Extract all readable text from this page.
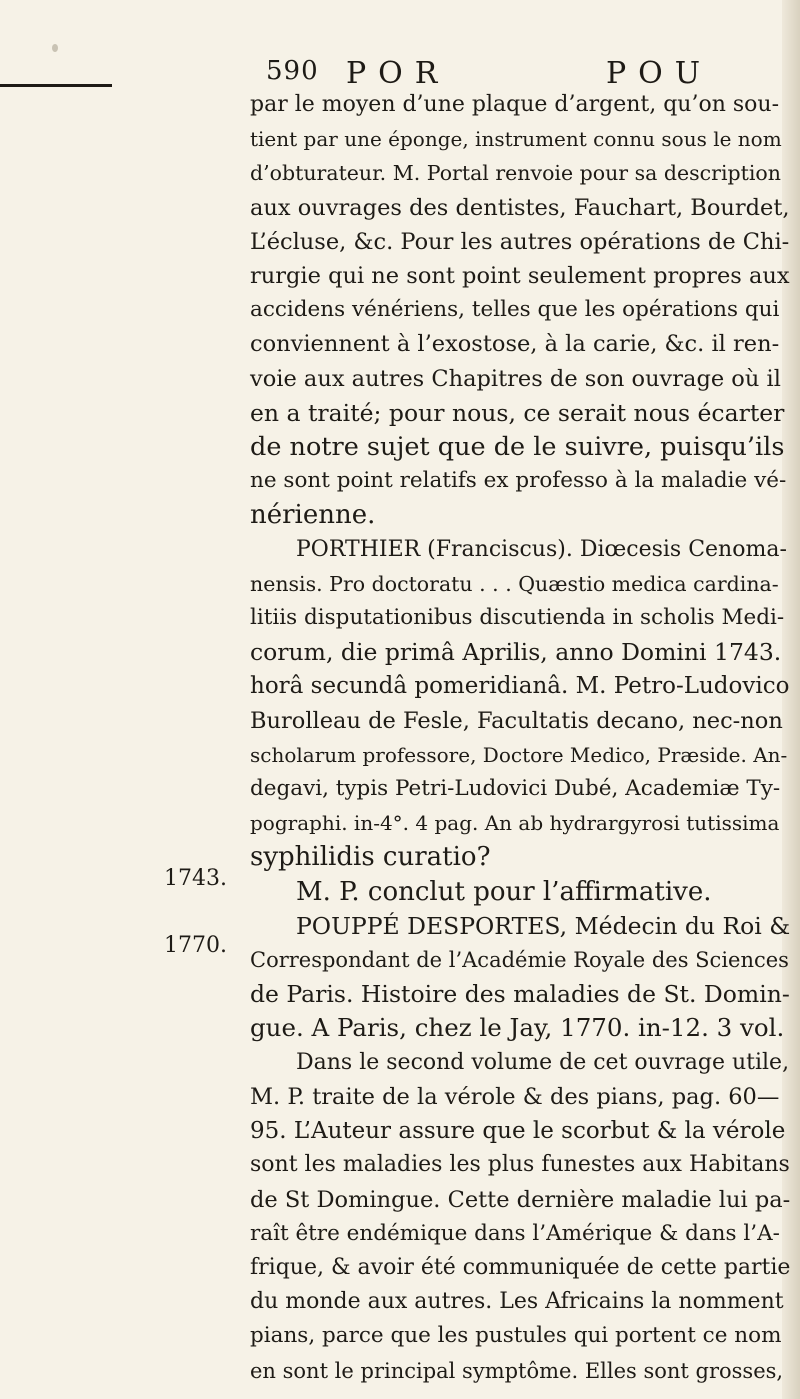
590 POR	POU
1743.
1770.
par le moyen d’une plaque d’argent, qu’on sou-
tient par une éponge, instrument connu sous le nom
d’obturateur. M. Portal renvoie pour sa description
aux ouvrages des dentistes, Fauchart, Bourdet,
L’écluse, &c. Pour les autres opérations de Chi-
rurgie qui ne sont point seulement propres aux
accidens vénériens, telles que les opérations qui
conviennent à l’exostose, à la carie, &c. il ren-
voie aux autres Chapitres de son ouvrage où il
en a traité; pour nous, ce serait nous écarter
de notre sujet que de le suivre, puisqu’ils
ne sont point relatifs ex professo à la maladie vé-
nérienne.
PORTHIER (Franciscus). Diœcesis Cenoma-
nensis. Pro doctoratu . . . Quæstio medica cardina-
litiis disputationibus discutienda in scholis Medi-
corum, die primâ Aprilis, anno Domini 1743.
horâ secundâ pomeridianâ. M. Petro-Ludovico
Burolleau de Fesle, Facultatis decano, nec-non
scholarum professore, Doctore Medico, Præside. An-
degavi, typis Petri-Ludovici Dubé, Academiæ Ty-
pographi. in-4°. 4 pag. An ab hydrargyrosi tutissima
syphilidis curatio?
M. P. conclut pour l’affirmative.
POUPPÉ DESPORTES, Médecin du Roi &
Correspondant de l’Académie Royale des Sciences
de Paris. Histoire des maladies de St. Domin-
gue. A Paris, chez le Jay, 1770. in-12. 3 vol.
Dans le second volume de cet ouvrage utile,
M. P. traite de la vérole & des pians, pag. 60—
95. L’Auteur assure que le scorbut & la vérole
sont les maladies les plus funestes aux Habitans
de St Domingue. Cette dernière maladie lui pa-
raît être endémique dans l’Amérique & dans l’A-
frique, & avoir été communiquée de cette partie
du monde aux autres. Les Africains la nomment
pians, parce que les pustules qui portent ce nom
en sont le principal symptôme. Elles sont grosses,
